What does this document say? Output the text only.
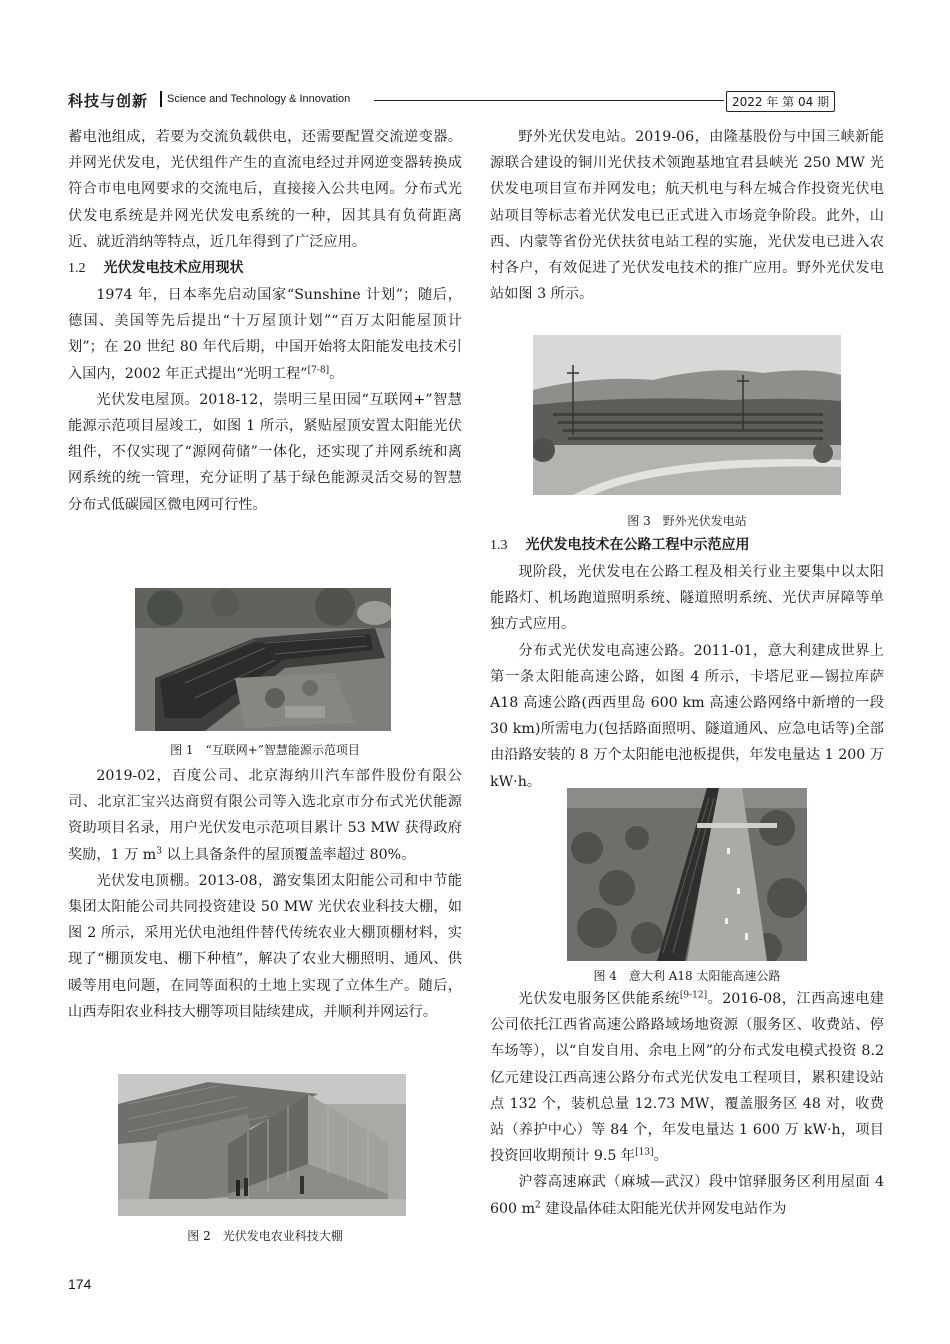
科技与创新 Science and Technology & Innovation	2022 年 第 04 期

蓄电池组成，若要为交流负载供电，还需要配置交流逆变器。并网光伏发电，光伏组件产生的直流电经过并网逆变器转换成符合市电电网要求的交流电后，直接接入公共电网。分布式光伏发电系统是并网光伏发电系统的一种，因其具有负荷距离近、就近消纳等特点，近几年得到了广泛应用。

1.2 光伏发电技术应用现状

1974 年，日本率先启动国家“Sunshine 计划”；随后，德国、美国等先后提出“十万屋顶计划”“百万太阳能屋顶计划”；在 20 世纪 80 年代后期，中国开始将太阳能发电技术引入国内，2002 年正式提出“光明工程”[7-8]。

光伏发电屋顶。2018-12，崇明三星田园“互联网+”智慧能源示范项目屋竣工，如图 1 所示，紧贴屋顶安置太阳能光伏组件，不仅实现了“源网荷储”一体化，还实现了并网系统和离网系统的统一管理，充分证明了基于绿色能源灵活交易的智慧分布式低碳园区微电网可行性。

图 1　“互联网+”智慧能源示范项目

2019-02，百度公司、北京海纳川汽车部件股份有限公司、北京汇宝兴达商贸有限公司等入选北京市分布式光伏能源资助项目名录，用户光伏发电示范项目累计 53 MW 获得政府奖励，1 万 $m^3$ 以上具备条件的屋顶覆盖率超过 80%。

光伏发电顶棚。2013-08，潞安集团太阳能公司和中节能集团太阳能公司共同投资建设 50 MW 光伏农业科技大棚，如图 2 所示，采用光伏电池组件替代传统农业大棚顶棚材料，实现了“棚顶发电、棚下种植”，解决了农业大棚照明、通风、供暖等用电问题，在同等面积的土地上实现了立体生产。随后，山西寿阳农业科技大棚等项目陆续建成，并顺利并网运行。

图 2　光伏发电农业科技大棚

野外光伏发电站。2019-06，由隆基股份与中国三峡新能源联合建设的铜川光伏技术领跑基地宜君县峡光 250 MW 光伏发电项目宣布并网发电；航天机电与科左城合作投资光伏电站项目等标志着光伏发电已正式进入市场竞争阶段。此外，山西、内蒙等省份光伏扶贫电站工程的实施，光伏发电已进入农村各户，有效促进了光伏发电技术的推广应用。野外光伏发电站如图 3 所示。

图 3　野外光伏发电站
1.3 光伏发电技术在公路工程中示范应用

现阶段，光伏发电在公路工程及相关行业主要集中以太阳能路灯、机场跑道照明系统、隧道照明系统、光伏声屏障等单独方式应用。

分布式光伏发电高速公路。2011-01，意大利建成世界上第一条太阳能高速公路，如图 4 所示，卡塔尼亚—锡拉库萨 A18 高速公路(西西里岛 600 km 高速公路网络中新增的一段 30 km)所需电力(包括路面照明、隧道通风、应急电话等)全部由沿路安装的 8 万个太阳能电池板提供，年发电量达 1 200 万 kW·h。

图 4　意大利 A18 太阳能高速公路

光伏发电服务区供能系统[9-12]。2016-08，江西高速电建公司依托江西省高速公路路域场地资源（服务区、收费站、停车场等），以“自发自用、余电上网”的分布式发电模式投资 8.2 亿元建设江西高速公路分布式光伏发电工程项目，累积建设站点 132 个，装机总量 12.73 MW，覆盖服务区 48 对，收费站（养护中心）等 84 个，年发电量达 1 600 万 kW·h，项目投资回收期预计 9.5 年[13]。

沪蓉高速麻武（麻城—武汉）段中馆驿服务区利用屋面 4 600 $m^2$ 建设晶体硅太阳能光伏并网发电站作为

174
